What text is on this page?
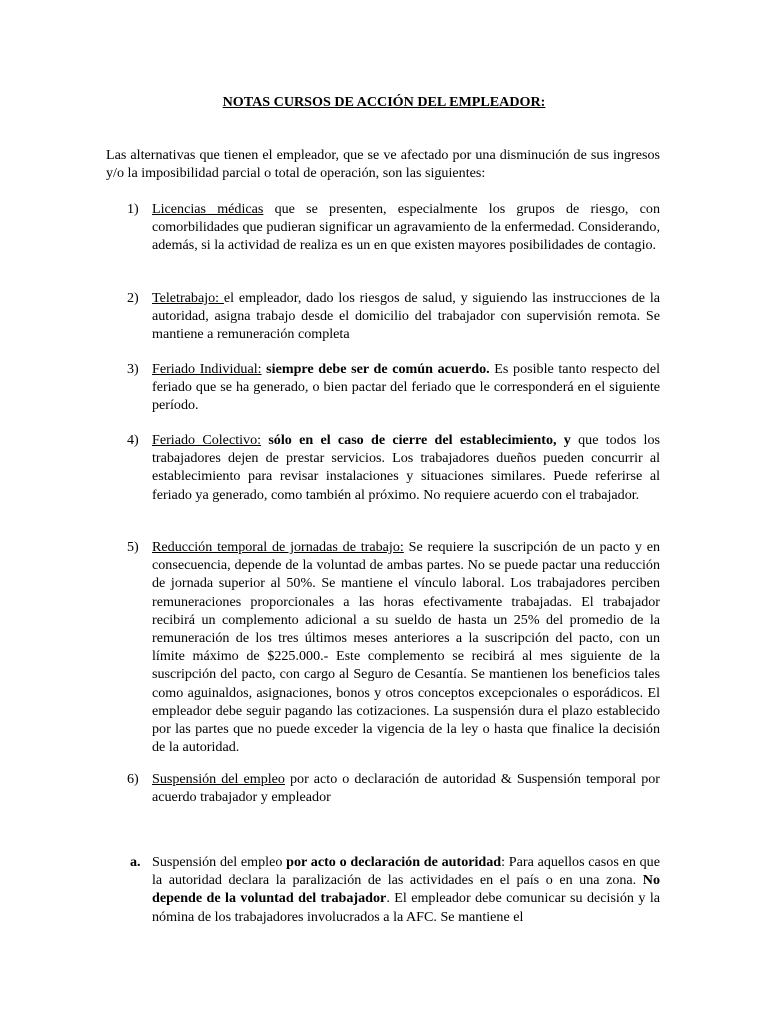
NOTAS CURSOS DE ACCIÓN DEL EMPLEADOR:
Las alternativas que tienen el empleador, que se ve afectado por una disminución de sus ingresos y/o la imposibilidad parcial o total de operación, son las siguientes:
1) Licencias médicas que se presenten, especialmente los grupos de riesgo, con comorbilidades que pudieran significar un agravamiento de la enfermedad. Considerando, además, si la actividad de realiza es un en que existen mayores posibilidades de contagio.
2) Teletrabajo: el empleador, dado los riesgos de salud, y siguiendo las instrucciones de la autoridad, asigna trabajo desde el domicilio del trabajador con supervisión remota. Se mantiene a remuneración completa
3) Feriado Individual: siempre debe ser de común acuerdo. Es posible tanto respecto del feriado que se ha generado, o bien pactar del feriado que le corresponderá en el siguiente período.
4) Feriado Colectivo: sólo en el caso de cierre del establecimiento, y que todos los trabajadores dejen de prestar servicios. Los trabajadores dueños pueden concurrir al establecimiento para revisar instalaciones y situaciones similares. Puede referirse al feriado ya generado, como también al próximo. No requiere acuerdo con el trabajador.
5) Reducción temporal de jornadas de trabajo: Se requiere la suscripción de un pacto y en consecuencia, depende de la voluntad de ambas partes. No se puede pactar una reducción de jornada superior al 50%. Se mantiene el vínculo laboral. Los trabajadores perciben remuneraciones proporcionales a las horas efectivamente trabajadas. El trabajador recibirá un complemento adicional a su sueldo de hasta un 25% del promedio de la remuneración de los tres últimos meses anteriores a la suscripción del pacto, con un límite máximo de $225.000.- Este complemento se recibirá al mes siguiente de la suscripción del pacto, con cargo al Seguro de Cesantía. Se mantienen los beneficios tales como aguinaldos, asignaciones, bonos y otros conceptos excepcionales o esporádicos. El empleador debe seguir pagando las cotizaciones. La suspensión dura el plazo establecido por las partes que no puede exceder la vigencia de la ley o hasta que finalice la decisión de la autoridad.
6) Suspensión del empleo por acto o declaración de autoridad & Suspensión temporal por acuerdo trabajador y empleador
a. Suspensión del empleo por acto o declaración de autoridad: Para aquellos casos en que la autoridad declara la paralización de las actividades en el país o en una zona. No depende de la voluntad del trabajador. El empleador debe comunicar su decisión y la nómina de los trabajadores involucrados a la AFC. Se mantiene el
